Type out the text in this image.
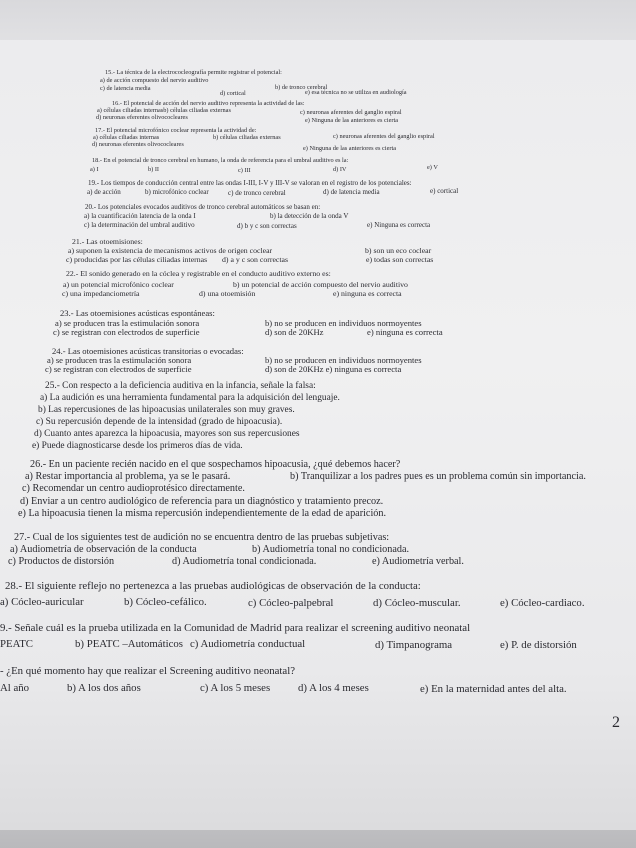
15.- La técnica de la electrococleografía permite registrar el potencial:
a) de acción compuesto del nervio auditivo
b) de tronco cerebral
c) de latencia media
d) cortical	e) esa técnica no se utiliza en audiología
16.- El potencial de acción del nervio auditivo representa la actividad de las:
a) células ciliadas internasb) células ciliadas externas	c) neuronas aferentes del ganglio espiral
d) neuronas eferentes olivococleares	e) Ninguna de las anteriores es cierta
17.- El potencial microfónico coclear representa la actividad de:
a) células ciliadas internas	b) células ciliadas externas	c) neuronas aferentes del ganglio espiral
d) neuronas eferentes olivococleares
e) Ninguna de las anteriores es cierta
18.- En el potencial de tronco cerebral en humano, la onda de referencia para el umbral auditivo es la:
a) I	b) II	c) III	d) IV	e) V
19.- Los tiempos de conducción central entre las ondas I-III, I-V y III-V se valoran en el registro de los potenciales:
a) de acción	b) microfónico coclear	c) de tronco cerebral	d) de latencia media	e) cortical
20.- Los potenciales evocados auditivos de tronco cerebral automáticos se basan en:
a) la cuantificación latencia de la onda I	b) la detección de la onda V
c) la determinación del umbral auditivo	d) b y c son correctas	e) Ninguna es correcta
21.- Las otoemisiones:
a) suponen la existencia de mecanismos activos de origen coclear	b) son un eco coclear
c) producidas por las células ciliadas internas d) a y c son correctas	e) todas son correctas
22.- El sonido generado en la cóclea y registrable en el conducto auditivo externo es:
a) un potencial microfónico coclear	b) un potencial de acción compuesto del nervio auditivo
c) una impedanciometría	d) una otoemisión	e) ninguna es correcta
23.- Las otoemisiones acústicas espontáneas:
a) se producen tras la estimulación sonora	b) no se producen en individuos normoyentes
c) se registran con electrodos de superficie	d) son de 20KHz	e) ninguna es correcta
24.- Las otoemisiones acústicas transitorias o evocadas:
a) se producen tras la estimulación sonora	b) no se producen en individuos normoyentes
c) se registran con electrodos de superficie	d) son de 20KHz e) ninguna es correcta
25.- Con respecto a la deficiencia auditiva en la infancia, señale la falsa:
a) La audición es una herramienta fundamental para la adquisición del lenguaje.
b) Las repercusiones de las hipoacusias unilaterales son muy graves.
c) Su repercusión depende de la intensidad (grado de hipoacusia).
d) Cuanto antes aparezca la hipoacusia, mayores son sus repercusiones
e) Puede diagnosticarse desde los primeros días de vida.
26.- En un paciente recién nacido en el que sospechamos hipoacusia, ¿qué debemos hacer?
a) Restar importancia al problema, ya se le pasará.	b) Tranquilizar a los padres pues es un problema común sin importancia.
c) Recomendar un centro audioprotésico directamente.
d) Enviar a un centro audiológico de referencia para un diagnóstico y tratamiento precoz.
e) La hipoacusia tienen la misma repercusión independientemente de la edad de aparición.
27.- Cual de los siguientes test de audición no se encuentra dentro de las pruebas subjetivas:
a) Audiometría de observación de la conducta	b) Audiometría tonal no condicionada.
c) Productos de distorsión	d) Audiometría tonal condicionada.	e) Audiometría verbal.
28.- El siguiente reflejo no pertenezca a las pruebas audiológicas de observación de la conducta:
a) Cócleo-auricular	b) Cócleo-cefálico.	c) Cócleo-palpebral	d) Cócleo-muscular.	e) Cócleo-cardiaco.
9.- Señale cuál es la prueba utilizada en la Comunidad de Madrid para realizar el screening auditivo neonatal
PEATC	b) PEATC –Automáticos c) Audiometría conductual	d) Timpanograma	e) P. de distorsión
- ¿En qué momento hay que realizar el Screening auditivo neonatal?
Al año	b) A los dos años	c) A los 5 meses	d) A los 4 meses	e) En la maternidad antes del alta.
2
